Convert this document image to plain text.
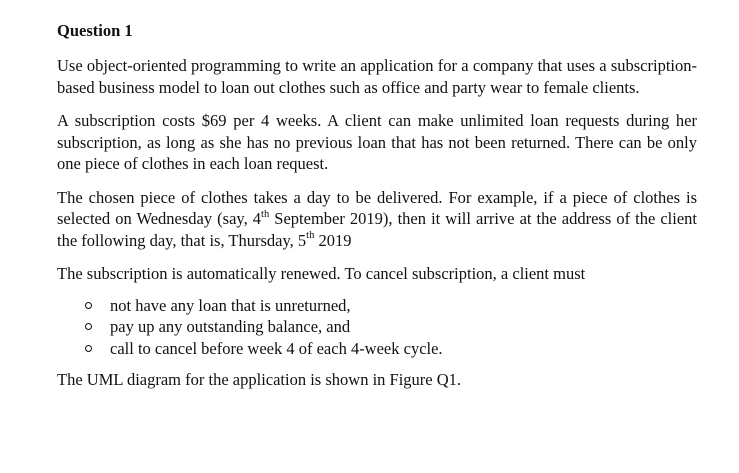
Question 1

Use object-oriented programming to write an application for a company that uses a subscription-based business model to loan out clothes such as office and party wear to female clients.

A subscription costs $69 per 4 weeks. A client can make unlimited loan requests during her subscription, as long as she has no previous loan that has not been returned. There can be only one piece of clothes in each loan request.

The chosen piece of clothes takes a day to be delivered. For example, if a piece of clothes is selected on Wednesday (say, 4th September 2019), then it will arrive at the address of the client the following day, that is, Thursday, 5th 2019

The subscription is automatically renewed. To cancel subscription, a client must

not have any loan that is unreturned,
pay up any outstanding balance, and
call to cancel before week 4 of each 4-week cycle.

The UML diagram for the application is shown in Figure Q1.
